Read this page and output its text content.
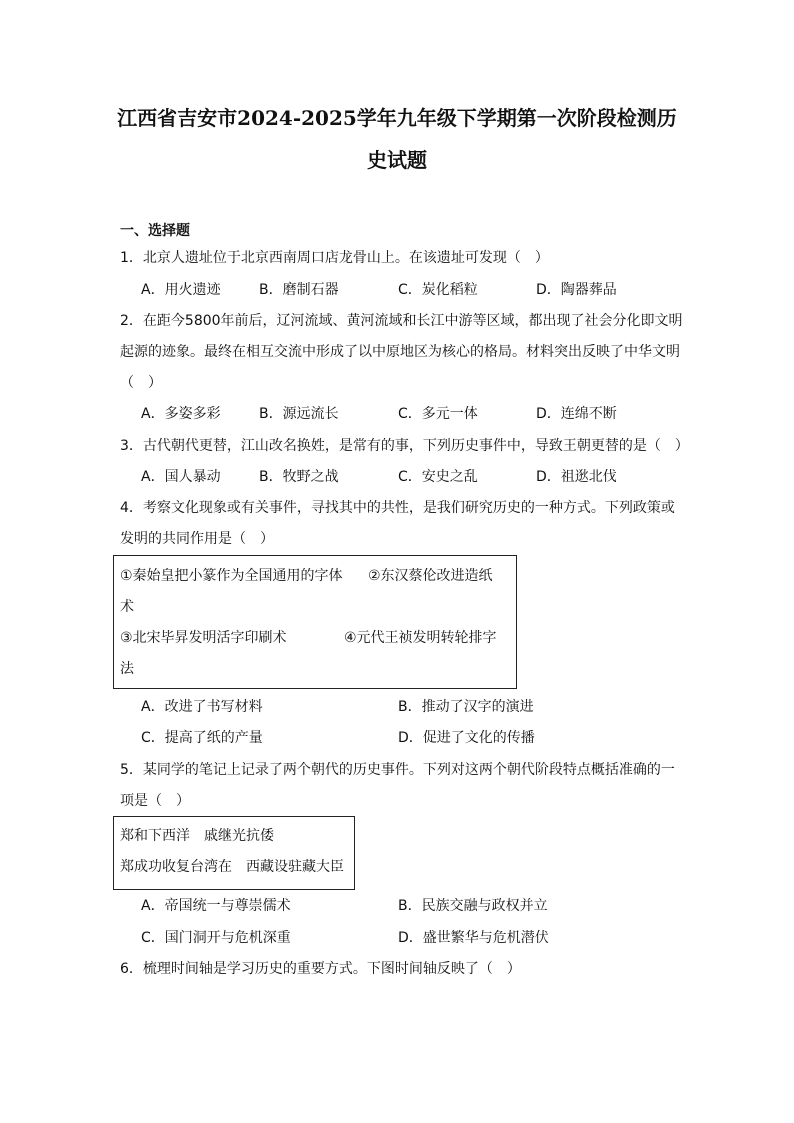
江西省吉安市2024-2025学年九年级下学期第一次阶段检测历
史试题
一、选择题
1．北京人遗址位于北京西南周口店龙骨山上。在该遗址可发现（　）
A．用火遗迹	B．磨制石器	C．炭化稻粒	D．陶器葬品
2．在距今5800年前后，辽河流域、黄河流域和长江中游等区域，都出现了社会分化即文明
起源的迹象。最终在相互交流中形成了以中原地区为核心的格局。材料突出反映了中华文明
（　）
A．多姿多彩	B．源远流长	C．多元一体	D．连绵不断
3．古代朝代更替，江山改名换姓，是常有的事，下列历史事件中，导致王朝更替的是（　）
A．国人暴动	B．牧野之战	C．安史之乱	D．祖逖北伐
4．考察文化现象或有关事件，寻找其中的共性，是我们研究历史的一种方式。下列政策或
发明的共同作用是（　）
①秦始皇把小篆作为全国通用的字体 ②东汉蔡伦改进造纸
术
③北宋毕昇发明活字印刷术	④元代王祯发明转轮排字
法
A．改进了书写材料	B．推动了汉字的演进
C．提高了纸的产量	D．促进了文化的传播
5．某同学的笔记上记录了两个朝代的历史事件。下列对这两个朝代阶段特点概括准确的一
项是（　）
郑和下西洋　戚继光抗倭
郑成功收复台湾在　西藏设驻藏大臣
A．帝国统一与尊崇儒术	B．民族交融与政权并立
C．国门洞开与危机深重	D．盛世繁华与危机潜伏
6．梳理时间轴是学习历史的重要方式。下图时间轴反映了（　）
